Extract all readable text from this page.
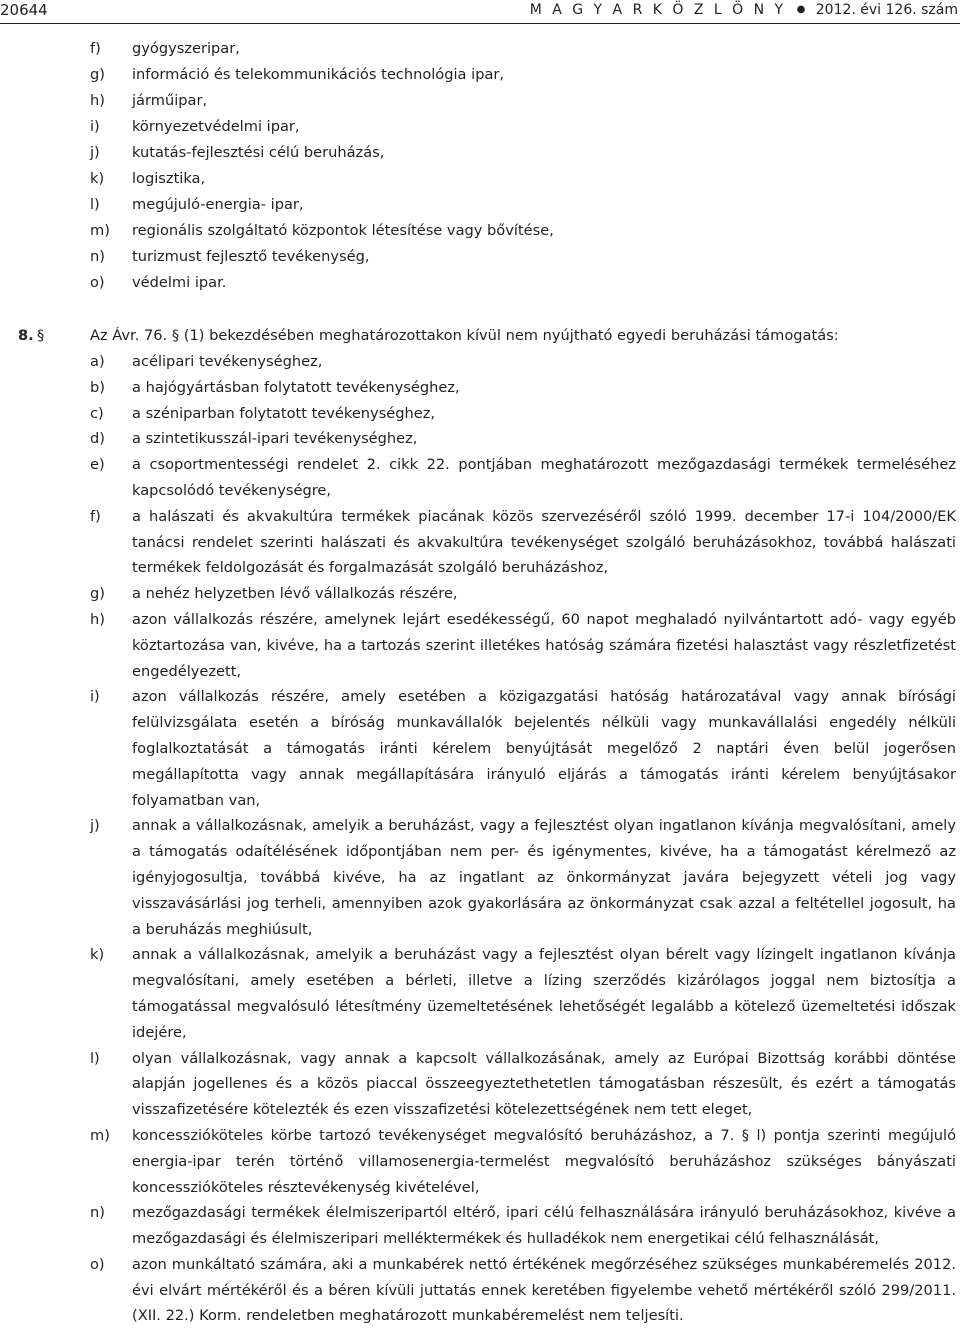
20644	M A G Y A R K Ö Z L Ö N Y ● 2012. évi 126. szám
f) gyógyszeripar,
g) információ és telekommunikációs technológia ipar,
h) járműipar,
i) környezetvédelmi ipar,
j) kutatás-fejlesztési célú beruházás,
k) logisztika,
l) megújuló-energia- ipar,
m) regionális szolgáltató központok létesítése vagy bővítése,
n) turizmust fejlesztő tevékenység,
o) védelmi ipar.
8. §	Az Ávr. 76. § (1) bekezdésében meghatározottakon kívül nem nyújtható egyedi beruházási támogatás:
a) acélipari tevékenységhez,
b) a hajógyártásban folytatott tevékenységhez,
c) a széniparban folytatott tevékenységhez,
d) a szintetikusszál-ipari tevékenységhez,
e) a csoportmentességi rendelet 2. cikk 22. pontjában meghatározott mezőgazdasági termékek termeléséhez kapcsolódó tevékenységre,
f) a halászati és akvakultúra termékek piacának közös szervezéséről szóló 1999. december 17-i 104/2000/EK tanácsi rendelet szerinti halászati és akvakultúra tevékenységet szolgáló beruházásokhoz, továbbá halászati termékek feldolgozását és forgalmazását szolgáló beruházáshoz,
g) a nehéz helyzetben lévő vállalkozás részére,
h) azon vállalkozás részére, amelynek lejárt esedékességű, 60 napot meghaladó nyilvántartott adó- vagy egyéb köztartozása van, kivéve, ha a tartozás szerint illetékes hatóság számára fizetési halasztást vagy részletfizetést engedélyezett,
i) azon vállalkozás részére, amely esetében a közigazgatási hatóság határozatával vagy annak bírósági felülvizsgálata esetén a bíróság munkavállalók bejelentés nélküli vagy munkavállalási engedély nélküli foglalkoztatását a támogatás iránti kérelem benyújtását megelőző 2 naptári éven belül jogerősen megállapította vagy annak megállapítására irányuló eljárás a támogatás iránti kérelem benyújtásakor folyamatban van,
j) annak a vállalkozásnak, amelyik a beruházást, vagy a fejlesztést olyan ingatlanon kívánja megvalósítani, amely a támogatás odaítélésének időpontjában nem per- és igénymentes, kivéve, ha a támogatást kérelmező az igényjogosultja, továbbá kivéve, ha az ingatlant az önkormányzat javára bejegyzett vételi jog vagy visszavásárlási jog terheli, amennyiben azok gyakorlására az önkormányzat csak azzal a feltétellel jogosult, ha a beruházás meghiúsult,
k) annak a vállalkozásnak, amelyik a beruházást vagy a fejlesztést olyan bérelt vagy lízingelt ingatlanon kívánja megvalósítani, amely esetében a bérleti, illetve a lízing szerződés kizárólagos joggal nem biztosítja a támogatással megvalósuló létesítmény üzemeltetésének lehetőségét legalább a kötelező üzemeltetési időszak idejére,
l) olyan vállalkozásnak, vagy annak a kapcsolt vállalkozásának, amely az Európai Bizottság korábbi döntése alapján jogellenes és a közös piaccal összeegyeztethetetlen támogatásban részesült, és ezért a támogatás visszafizetésére kötelezték és ezen visszafizetési kötelezettségének nem tett eleget,
m) koncesszióköteles körbe tartozó tevékenységet megvalósító beruházáshoz, a 7. § l) pontja szerinti megújuló energia-ipar terén történő villamosenergia-termelést megvalósító beruházáshoz szükséges bányászati koncesszióköteles résztevékenység kivételével,
n) mezőgazdasági termékek élelmiszeripartól eltérő, ipari célú felhasználására irányuló beruházásokhoz, kivéve a mezőgazdasági és élelmiszeripari melléktermékek és hulladékok nem energetikai célú felhasználását,
o) azon munkáltató számára, aki a munkabérek nettó értékének megőrzéséhez szükséges munkabéremelés 2012. évi elvárt mértékéről és a béren kívüli juttatás ennek keretében figyelembe vehető mértékéről szóló 299/2011. (XII. 22.) Korm. rendeletben meghatározott munkabéremelést nem teljesíti.
